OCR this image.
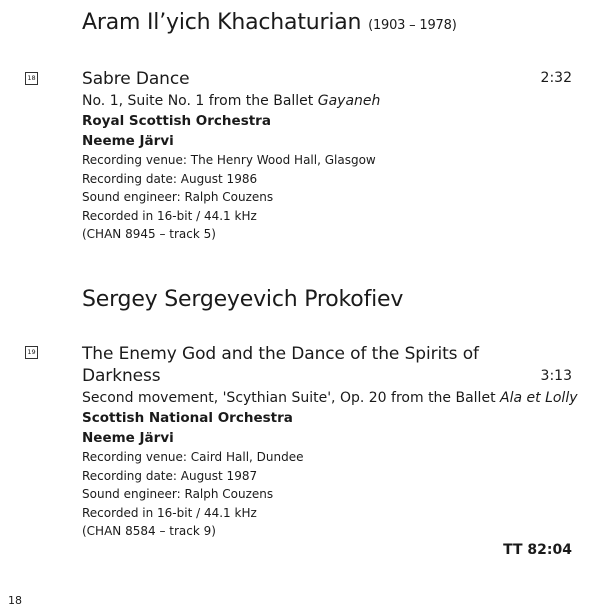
Aram Il’yich Khachaturian (1903 – 1978)
18	Sabre Dance	2:32
No. 1, Suite No. 1 from the Ballet Gayaneh
Royal Scottish Orchestra
Neeme Järvi
Recording venue: The Henry Wood Hall, Glasgow
Recording date: August 1986
Sound engineer: Ralph Couzens
Recorded in 16-bit / 44.1 kHz
(CHAN 8945 – track 5)
Sergey Sergeyevich Prokofiev
19	The Enemy God and the Dance of the Spirits of
Darkness	3:13
Second movement, 'Scythian Suite', Op. 20 from the Ballet Ala et Lolly
Scottish National Orchestra
Neeme Järvi
Recording venue: Caird Hall, Dundee
Recording date: August 1987
Sound engineer: Ralph Couzens
Recorded in 16-bit / 44.1 kHz
(CHAN 8584 – track 9)
TT 82:04
18
